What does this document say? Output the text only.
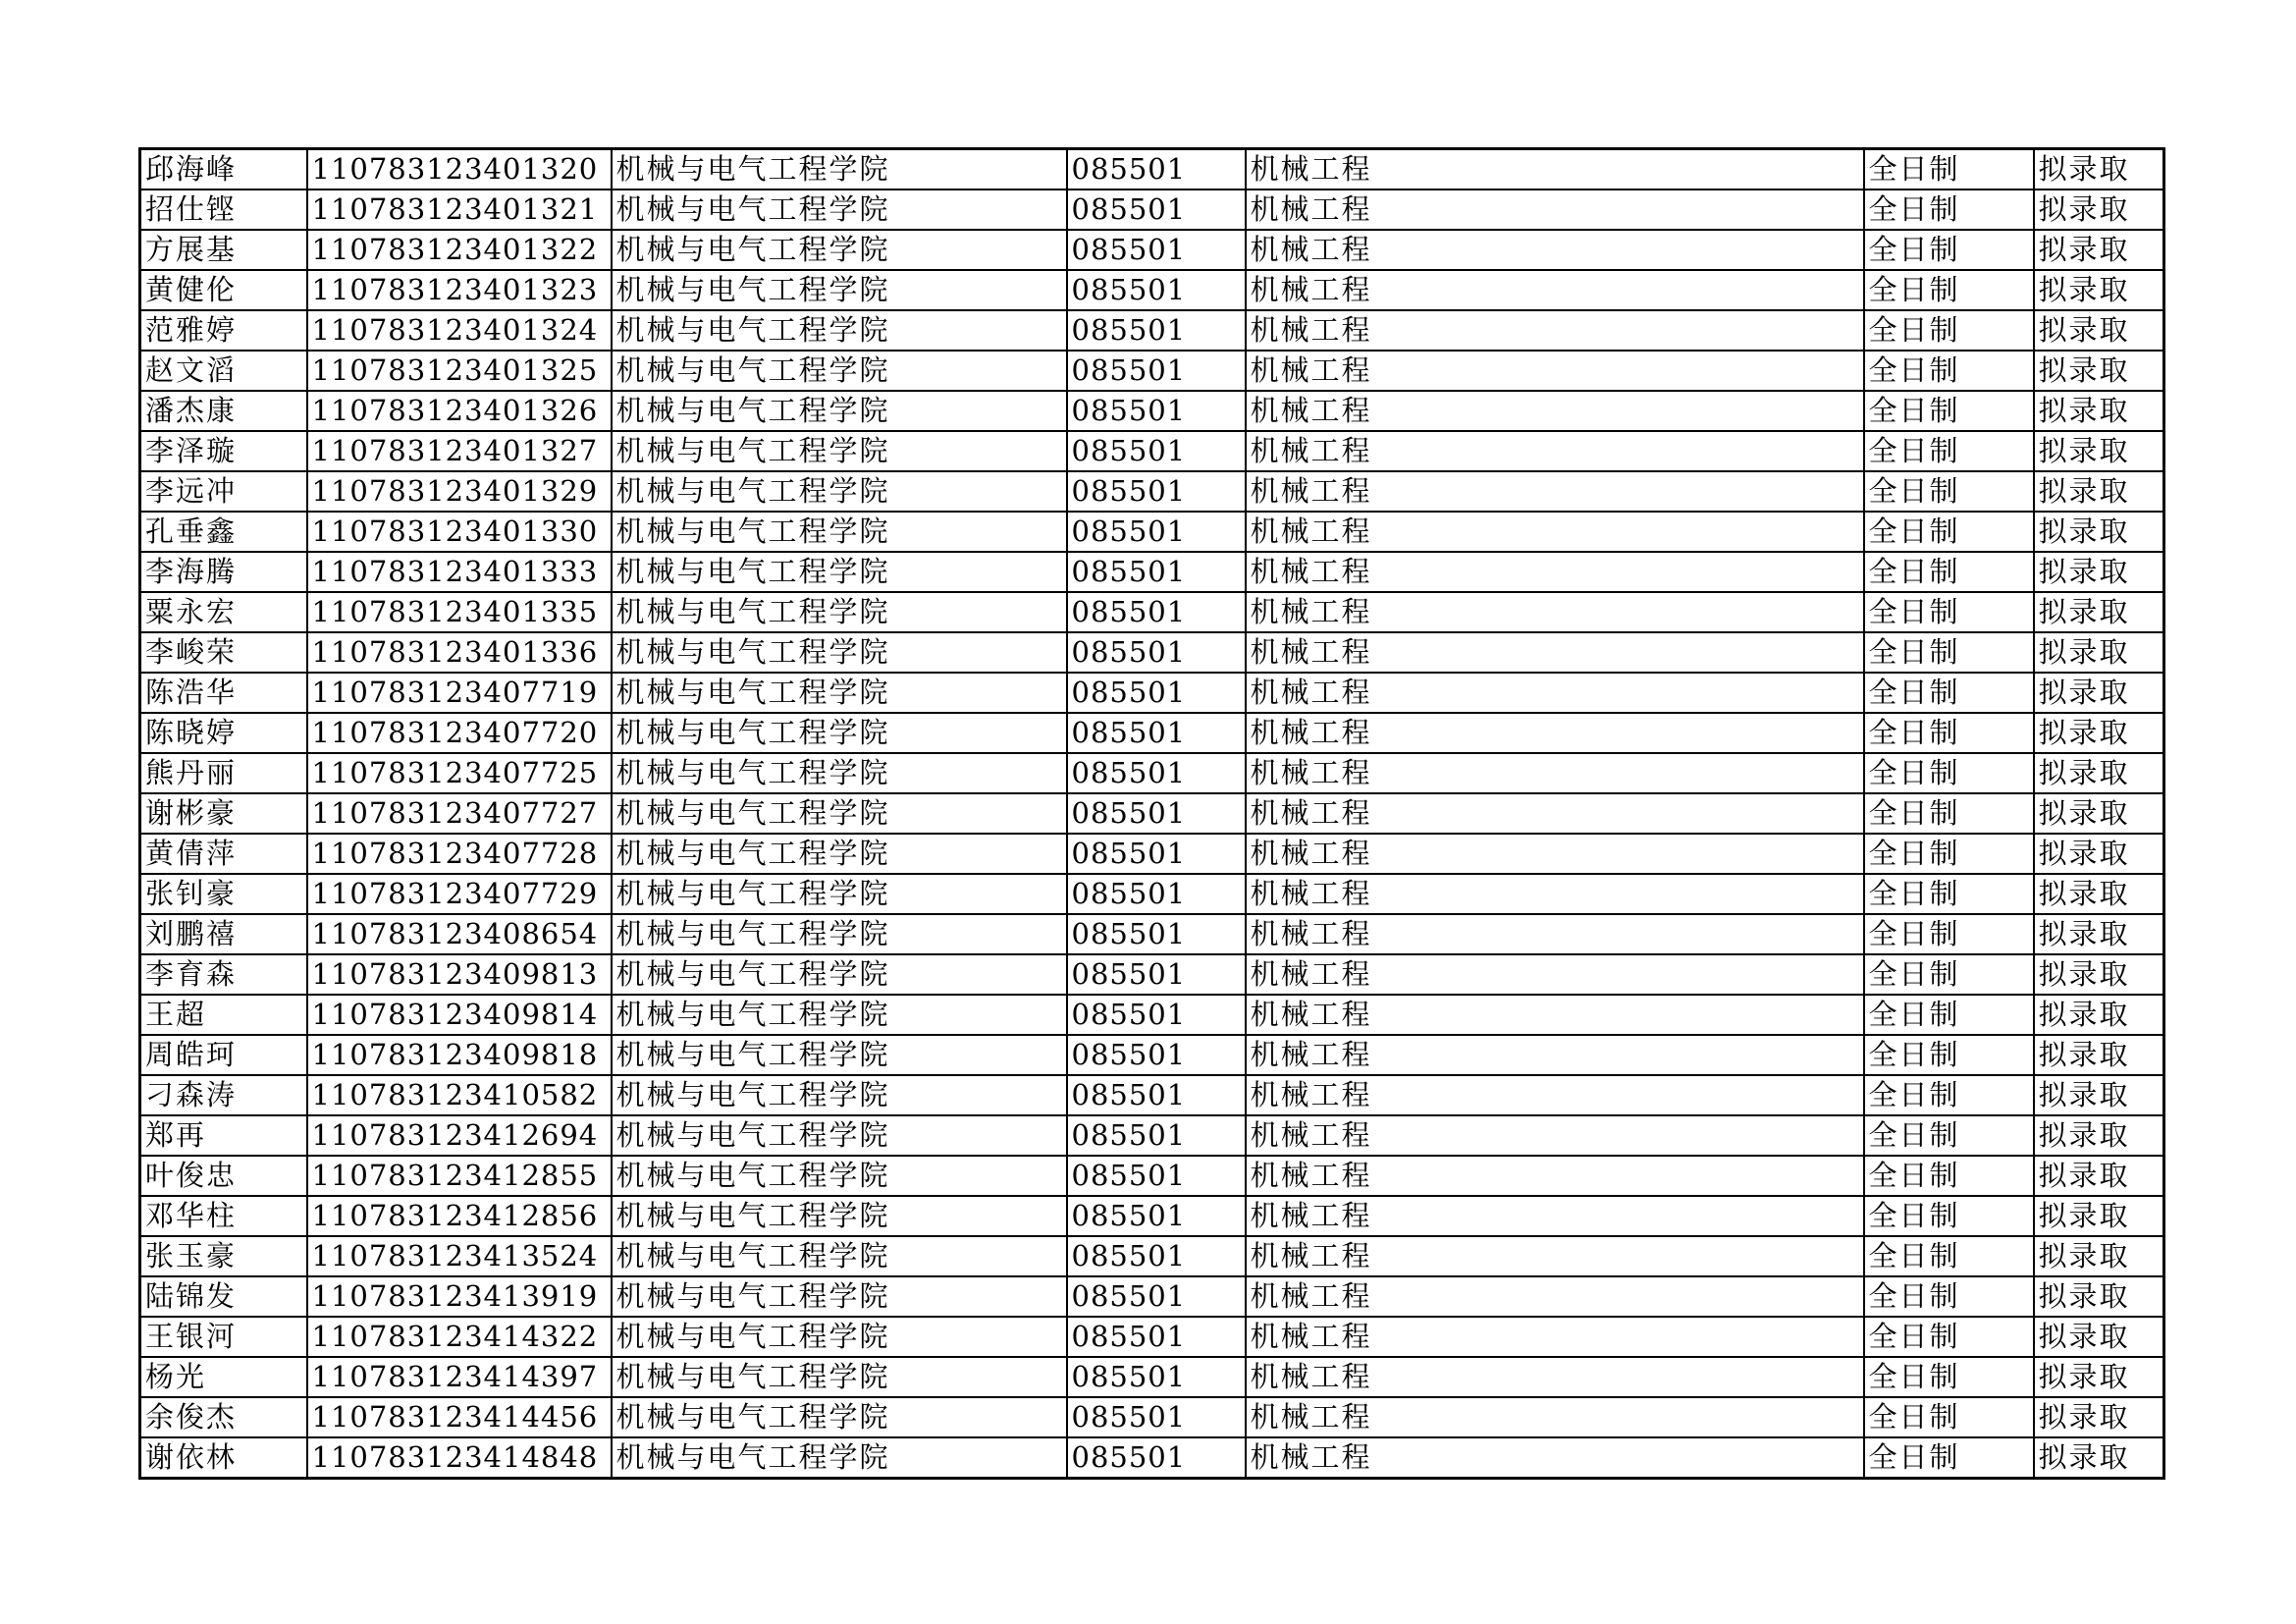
邱海峰	110783123401320	机械与电气工程学院	085501	机械工程	全日制	拟录取
招仕铿	110783123401321	机械与电气工程学院	085501	机械工程	全日制	拟录取
方展基	110783123401322	机械与电气工程学院	085501	机械工程	全日制	拟录取
黄健伦	110783123401323	机械与电气工程学院	085501	机械工程	全日制	拟录取
范雅婷	110783123401324	机械与电气工程学院	085501	机械工程	全日制	拟录取
赵文滔	110783123401325	机械与电气工程学院	085501	机械工程	全日制	拟录取
潘杰康	110783123401326	机械与电气工程学院	085501	机械工程	全日制	拟录取
李泽璇	110783123401327	机械与电气工程学院	085501	机械工程	全日制	拟录取
李远冲	110783123401329	机械与电气工程学院	085501	机械工程	全日制	拟录取
孔垂鑫	110783123401330	机械与电气工程学院	085501	机械工程	全日制	拟录取
李海腾	110783123401333	机械与电气工程学院	085501	机械工程	全日制	拟录取
粟永宏	110783123401335	机械与电气工程学院	085501	机械工程	全日制	拟录取
李峻荣	110783123401336	机械与电气工程学院	085501	机械工程	全日制	拟录取
陈浩华	110783123407719	机械与电气工程学院	085501	机械工程	全日制	拟录取
陈晓婷	110783123407720	机械与电气工程学院	085501	机械工程	全日制	拟录取
熊丹丽	110783123407725	机械与电气工程学院	085501	机械工程	全日制	拟录取
谢彬豪	110783123407727	机械与电气工程学院	085501	机械工程	全日制	拟录取
黄倩萍	110783123407728	机械与电气工程学院	085501	机械工程	全日制	拟录取
张钊豪	110783123407729	机械与电气工程学院	085501	机械工程	全日制	拟录取
刘鹏禧	110783123408654	机械与电气工程学院	085501	机械工程	全日制	拟录取
李育森	110783123409813	机械与电气工程学院	085501	机械工程	全日制	拟录取
王超	110783123409814	机械与电气工程学院	085501	机械工程	全日制	拟录取
周皓珂	110783123409818	机械与电气工程学院	085501	机械工程	全日制	拟录取
刁森涛	110783123410582	机械与电气工程学院	085501	机械工程	全日制	拟录取
郑再	110783123412694	机械与电气工程学院	085501	机械工程	全日制	拟录取
叶俊忠	110783123412855	机械与电气工程学院	085501	机械工程	全日制	拟录取
邓华柱	110783123412856	机械与电气工程学院	085501	机械工程	全日制	拟录取
张玉豪	110783123413524	机械与电气工程学院	085501	机械工程	全日制	拟录取
陆锦发	110783123413919	机械与电气工程学院	085501	机械工程	全日制	拟录取
王银河	110783123414322	机械与电气工程学院	085501	机械工程	全日制	拟录取
杨光	110783123414397	机械与电气工程学院	085501	机械工程	全日制	拟录取
余俊杰	110783123414456	机械与电气工程学院	085501	机械工程	全日制	拟录取
谢依林	110783123414848	机械与电气工程学院	085501	机械工程	全日制	拟录取
